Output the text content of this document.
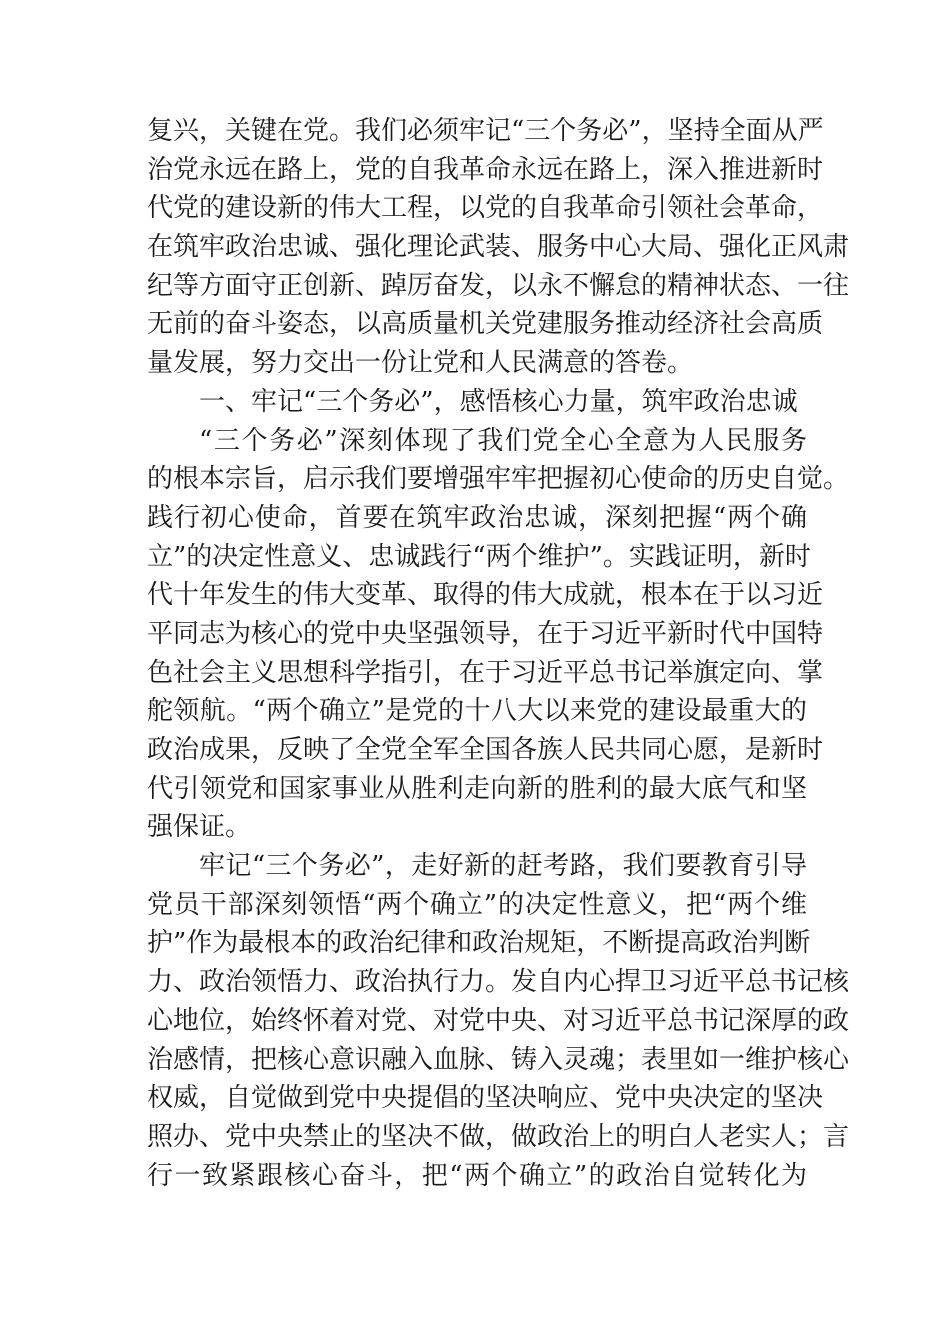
复兴，关键在党。我们必须牢记“三个务必”，坚持全面从严
治党永远在路上，党的自我革命永远在路上，深入推进新时
代党的建设新的伟大工程，以党的自我革命引领社会革命，
在筑牢政治忠诚、强化理论武装、服务中心大局、强化正风肃
纪等方面守正创新、踔厉奋发，以永不懈怠的精神状态、一往
无前的奋斗姿态，以高质量机关党建服务推动经济社会高质
量发展，努力交出一份让党和人民满意的答卷。
一、牢记“三个务必”，感悟核心力量，筑牢政治忠诚
“三个务必”深刻体现了我们党全心全意为人民服务
的根本宗旨，启示我们要增强牢牢把握初心使命的历史自觉。
践行初心使命，首要在筑牢政治忠诚，深刻把握“两个确
立”的决定性意义、忠诚践行“两个维护”。实践证明，新时
代十年发生的伟大变革、取得的伟大成就，根本在于以习近
平同志为核心的党中央坚强领导，在于习近平新时代中国特
色社会主义思想科学指引，在于习近平总书记举旗定向、掌
舵领航。“两个确立”是党的十八大以来党的建设最重大的
政治成果，反映了全党全军全国各族人民共同心愿，是新时
代引领党和国家事业从胜利走向新的胜利的最大底气和坚
强保证。
牢记“三个务必”，走好新的赶考路，我们要教育引导
党员干部深刻领悟“两个确立”的决定性意义，把“两个维
护”作为最根本的政治纪律和政治规矩，不断提高政治判断
力、政治领悟力、政治执行力。发自内心捍卫习近平总书记核
心地位，始终怀着对党、对党中央、对习近平总书记深厚的政
治感情，把核心意识融入血脉、铸入灵魂；表里如一维护核心
权威，自觉做到党中央提倡的坚决响应、党中央决定的坚决
照办、党中央禁止的坚决不做，做政治上的明白人老实人；言
行一致紧跟核心奋斗，把“两个确立”的政治自觉转化为
